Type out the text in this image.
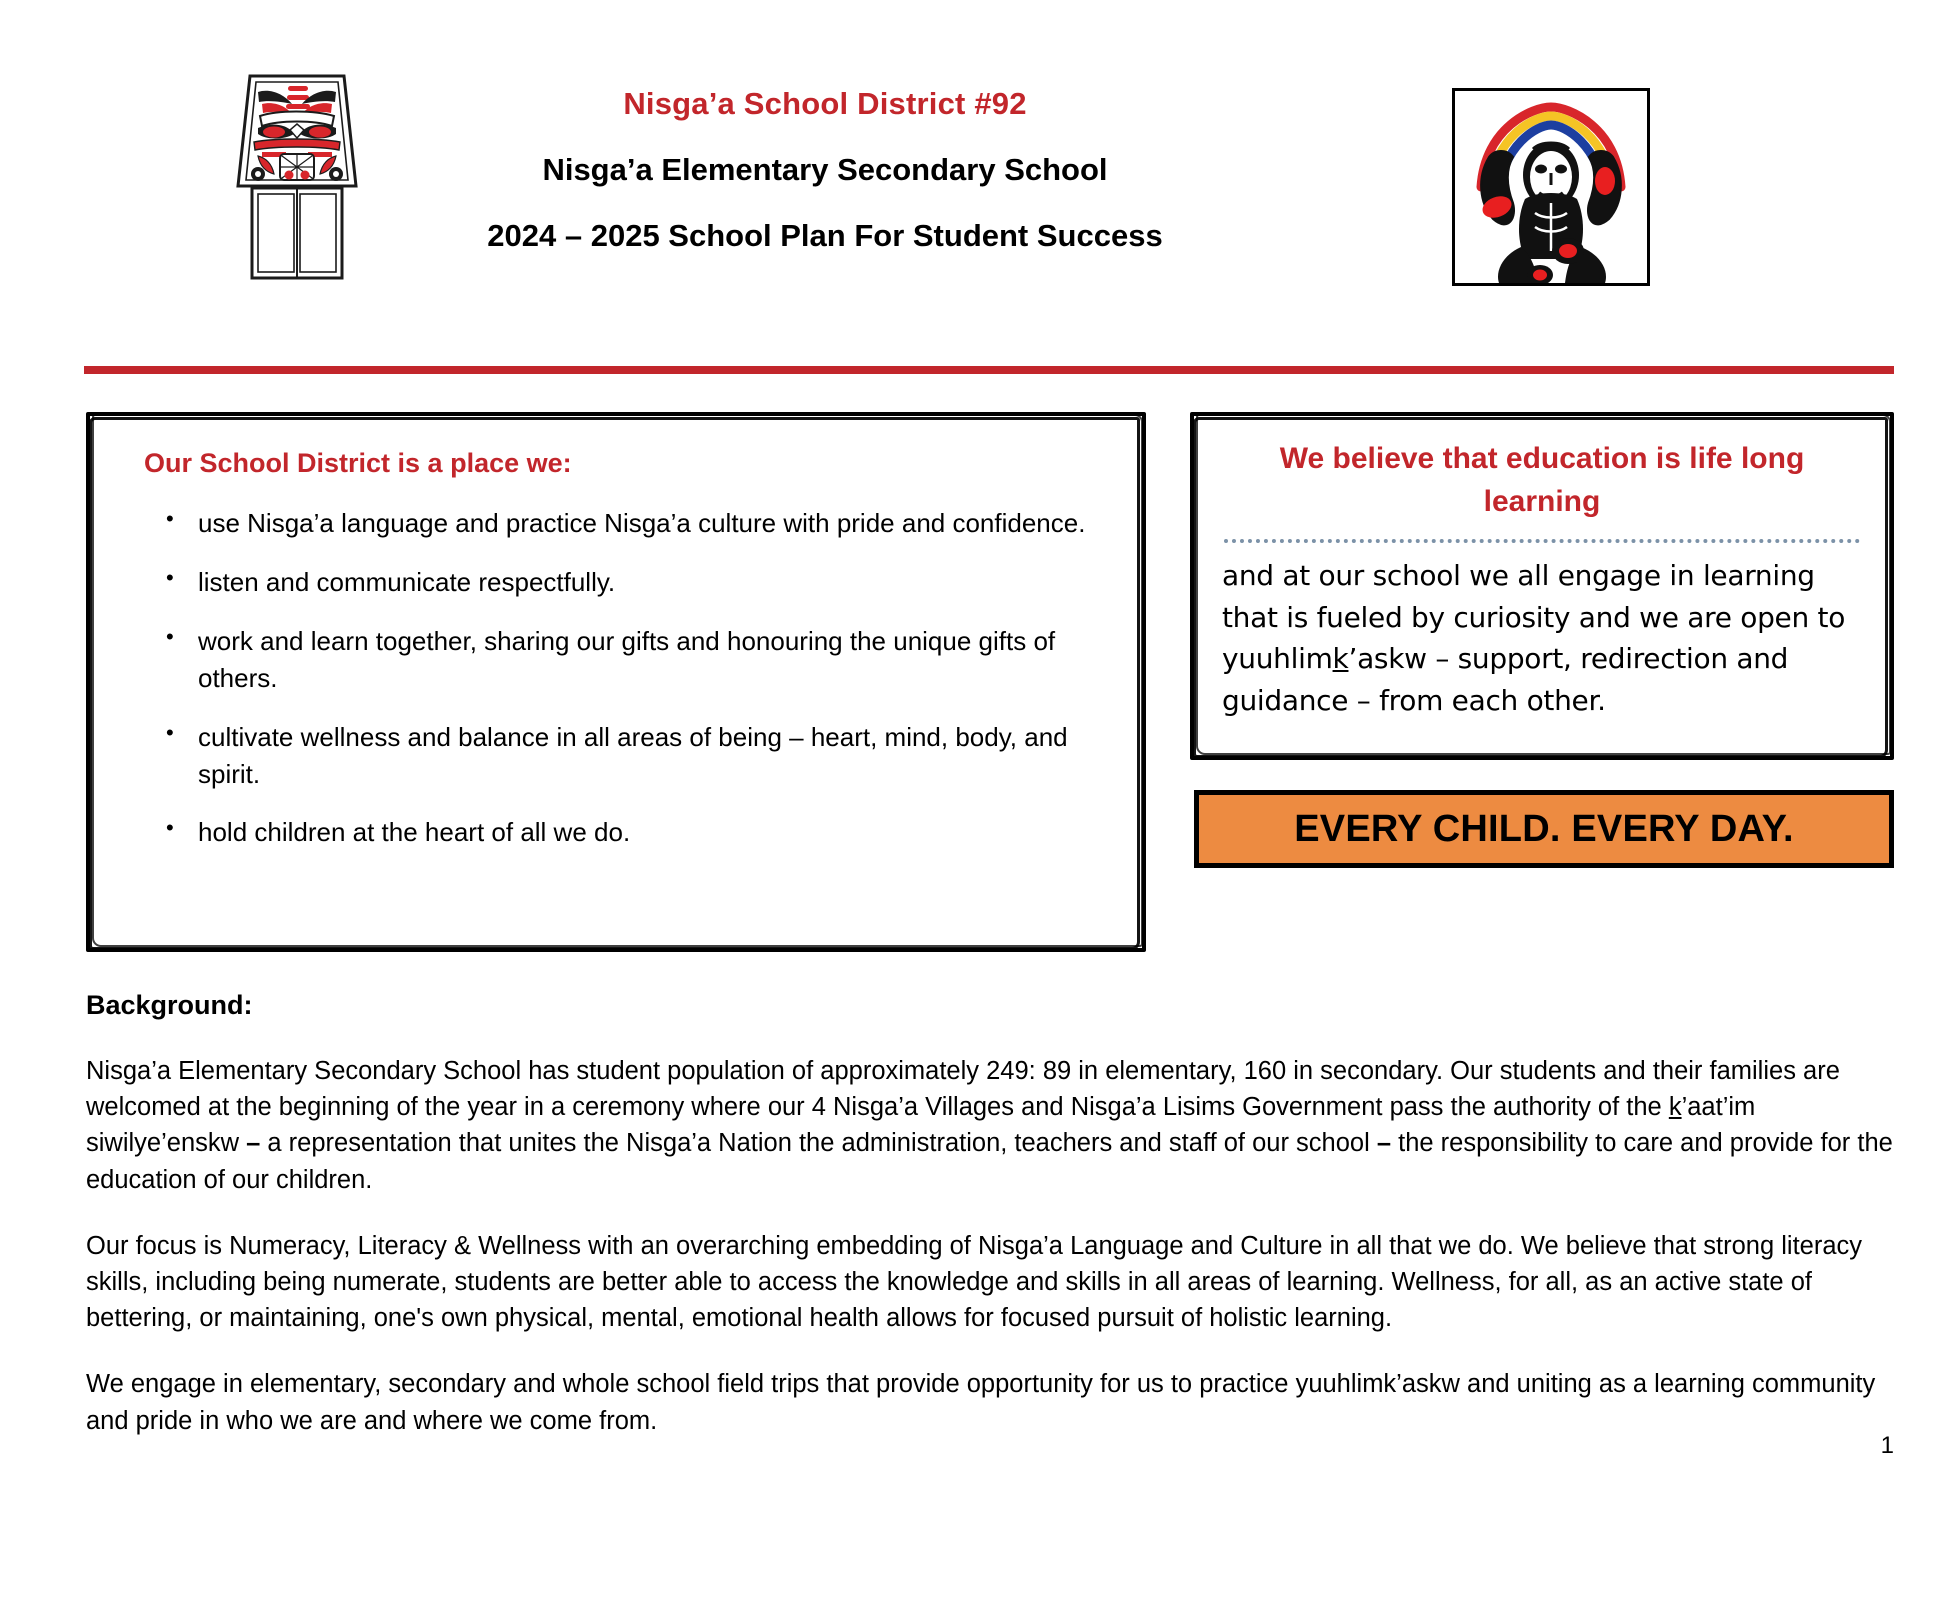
Nisga’a School District #92
Nisga’a Elementary Secondary School
2024 – 2025 School Plan For Student Success
Our School District is a place we:
• use Nisga’a language and practice Nisga’a culture with pride and confidence.
• listen and communicate respectfully.
• work and learn together, sharing our gifts and honouring the unique gifts of others.
• cultivate wellness and balance in all areas of being – heart, mind, body, and spirit.
• hold children at the heart of all we do.
We believe that education is life long learning
and at our school we all engage in learning that is fueled by curiosity and we are open to yuuhlimk’askw – support, redirection and guidance – from each other.
EVERY CHILD. EVERY DAY.
Background:

Nisga’a Elementary Secondary School has student population of approximately 249: 89 in elementary, 160 in secondary. Our students and their families are welcomed at the beginning of the year in a ceremony where our 4 Nisga’a Villages and Nisga’a Lisims Government pass the authority of the k’aat’im siwilye’enskw – a representation that unites the Nisga’a Nation the administration, teachers and staff of our school – the responsibility to care and provide for the education of our children.

Our focus is Numeracy, Literacy & Wellness with an overarching embedding of Nisga’a Language and Culture in all that we do. We believe that strong literacy skills, including being numerate, students are better able to access the knowledge and skills in all areas of learning. Wellness, for all, as an active state of bettering, or maintaining, one's own physical, mental, emotional health allows for focused pursuit of holistic learning.

We engage in elementary, secondary and whole school field trips that provide opportunity for us to practice yuuhlimk’askw and uniting as a learning community and pride in who we are and where we come from.

1
